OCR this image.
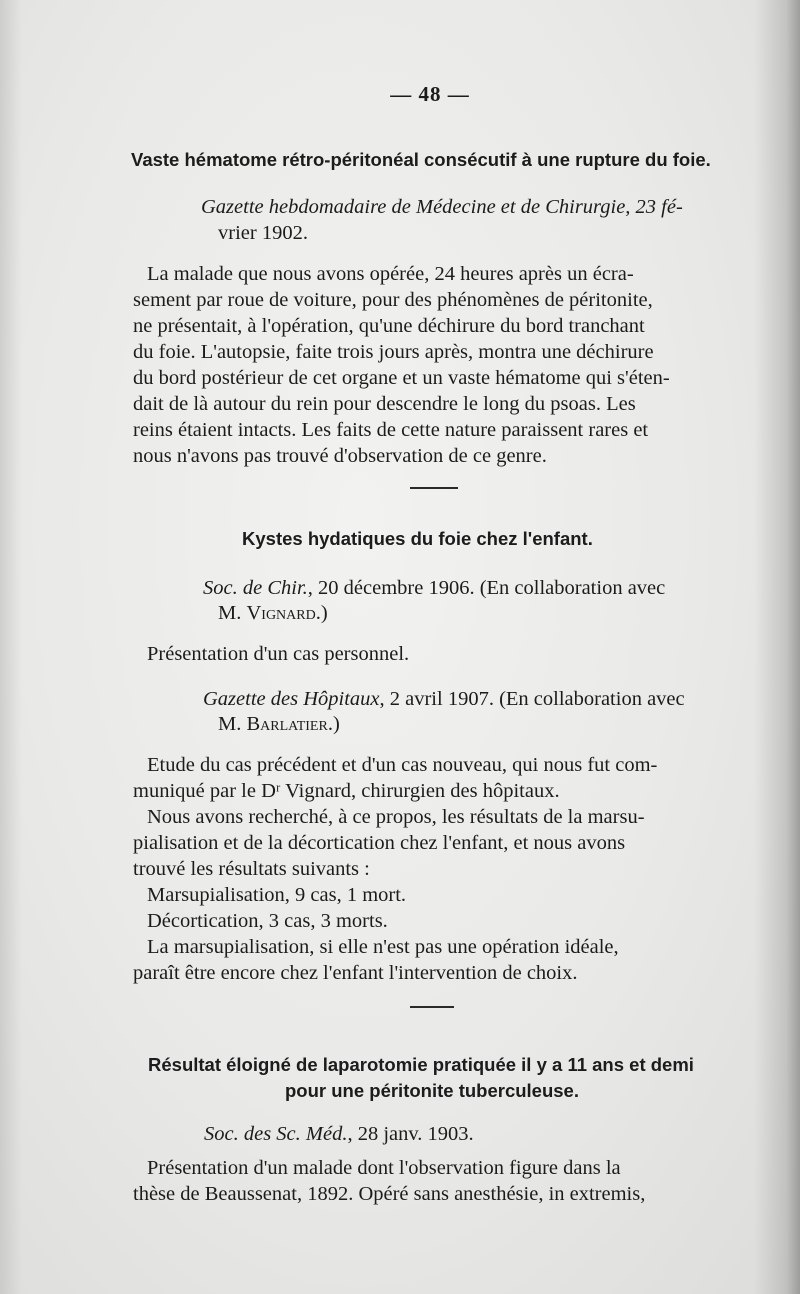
— 48 —
Vaste hématome rétro-péritonéal consécutif à une rupture du foie.
Gazette hebdomadaire de Médecine et de Chirurgie, 23 fé-
vrier 1902.
La malade que nous avons opérée, 24 heures après un écra-
sement par roue de voiture, pour des phénomènes de péritonite,
ne présentait, à l'opération, qu'une déchirure du bord tranchant
du foie. L'autopsie, faite trois jours après, montra une déchirure
du bord postérieur de cet organe et un vaste hématome qui s'éten-
dait de là autour du rein pour descendre le long du psoas. Les
reins étaient intacts. Les faits de cette nature paraissent rares et
nous n'avons pas trouvé d'observation de ce genre.
Kystes hydatiques du foie chez l'enfant.
Soc. de Chir., 20 décembre 1906. (En collaboration avec
M. Vignard.)
Présentation d'un cas personnel.
Gazette des Hôpitaux, 2 avril 1907. (En collaboration avec
M. Barlatier.)
Etude du cas précédent et d'un cas nouveau, qui nous fut com-
muniqué par le Dʳ Vignard, chirurgien des hôpitaux.
Nous avons recherché, à ce propos, les résultats de la marsu-
pialisation et de la décortication chez l'enfant, et nous avons
trouvé les résultats suivants :
Marsupialisation, 9 cas, 1 mort.
Décortication, 3 cas, 3 morts.
La marsupialisation, si elle n'est pas une opération idéale,
paraît être encore chez l'enfant l'intervention de choix.
Résultat éloigné de laparotomie pratiquée il y a 11 ans et demi
pour une péritonite tuberculeuse.
Soc. des Sc. Méd., 28 janv. 1903.
Présentation d'un malade dont l'observation figure dans la
thèse de Beaussenat, 1892. Opéré sans anesthésie, in extremis,
